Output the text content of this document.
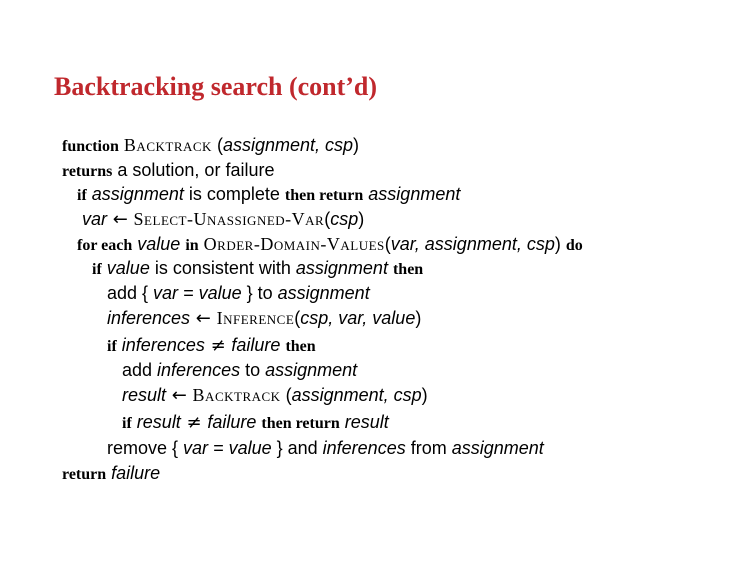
Backtracking search (cont’d)
function Backtrack (assignment, csp)
returns a solution, or failure
if assignment is complete then return assignment
var ← Select-Unassigned-Var(csp)
for each value in Order-Domain-Values(var, assignment, csp) do
if value is consistent with assignment then
add { var = value } to assignment
inferences ← Inference(csp, var, value)
if inferences ≠ failure then
add inferences to assignment
result ← Backtrack (assignment, csp)
if result ≠ failure then return result
remove { var = value } and inferences from assignment
return failure
